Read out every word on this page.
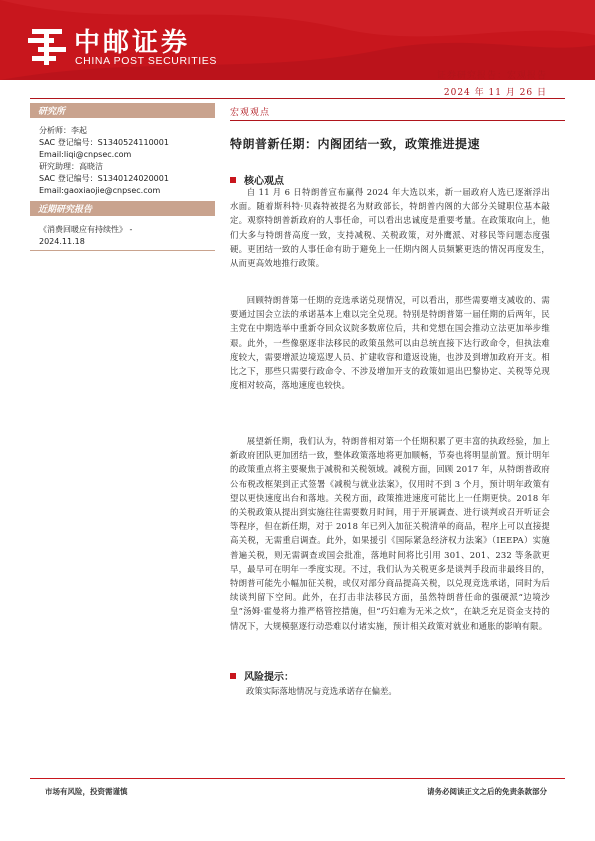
中邮证券
CHINA POST SECURITIES
证券研究报告：宏观报告
2024 年 11 月 26 日
研究所
分析师：李起
SAC 登记编号：S1340524110001
Email:liqi@cnpsec.com
研究助理：高晓洁
SAC 登记编号：S1340124020001
Email:gaoxiaojie@cnpsec.com
近期研究报告
《消费回暖应有持续性》 -
2024.11.18
宏观观点
特朗普新任期：内阁团结一致，政策推进提速
核心观点

自 11 月 6 日特朗普宣布赢得 2024 年大选以来，新一届政府人选已逐渐浮出水面。随着斯科特·贝森特被提名为财政部长，特朗普内阁的大部分关键职位基本敲定。观察特朗普新政府的人事任命，可以看出忠诚度是重要考量。在政策取向上，他们大多与特朗普高度一致，支持减税、关税政策，对外鹰派、对移民等问题态度强硬。更团结一致的人事任命有助于避免上一任期内阁人员频繁更迭的情况再度发生，从而更高效地推行政策。

回顾特朗普第一任期的竞选承诺兑现情况，可以看出，那些需要增支减收的、需要通过国会立法的承诺基本上难以完全兑现。特别是特朗普第一届任期的后两年，民主党在中期选举中重新夺回众议院多数席位后，共和党想在国会推动立法更加举步维艰。此外，一些像驱逐非法移民的政策虽然可以由总统直接下达行政命令，但执法难度较大，需要增派边境巡逻人员、扩建收容和遣返设施，也涉及到增加政府开支。相比之下，那些只需要行政命令、不涉及增加开支的政策如退出巴黎协定、关税等兑现度相对较高，落地速度也较快。

展望新任期，我们认为，特朗普相对第一个任期积累了更丰富的执政经验，加上新政府团队更加团结一致，整体政策落地将更加顺畅，节奏也将明显前置。预计明年的政策重点将主要聚焦于减税和关税领域。减税方面，回顾 2017 年，从特朗普政府公布税改框架到正式签署《减税与就业法案》，仅用时不到 3 个月，预计明年政策有望以更快速度出台和落地。关税方面，政策推进速度可能比上一任期更快。2018 年的关税政策从提出到实施往往需要数月时间，用于开展调查、进行谈判或召开听证会等程序，但在新任期，对于 2018 年已列入加征关税清单的商品，程序上可以直接提高关税，无需重启调查。此外，如果援引《国际紧急经济权力法案》（IEEPA）实施普遍关税，则无需调查或国会批准，落地时间将比引用 301、201、232 等条款更早，最早可在明年一季度实现。不过，我们认为关税更多是谈判手段而非最终目的，特朗普可能先小幅加征关税，或仅对部分商品提高关税，以兑现竞选承诺，同时为后续谈判留下空间。此外，在打击非法移民方面，虽然特朗普任命的强硬派“边境沙皇”汤姆·霍曼将力推严格管控措施，但“巧妇难为无米之炊”，在缺乏充足资金支持的情况下，大规模驱逐行动恐难以付诸实施，预计相关政策对就业和通胀的影响有限。

风险提示：
政策实际落地情况与竞选承诺存在偏差。
市场有风险，投资需谨慎	请务必阅读正文之后的免责条款部分
